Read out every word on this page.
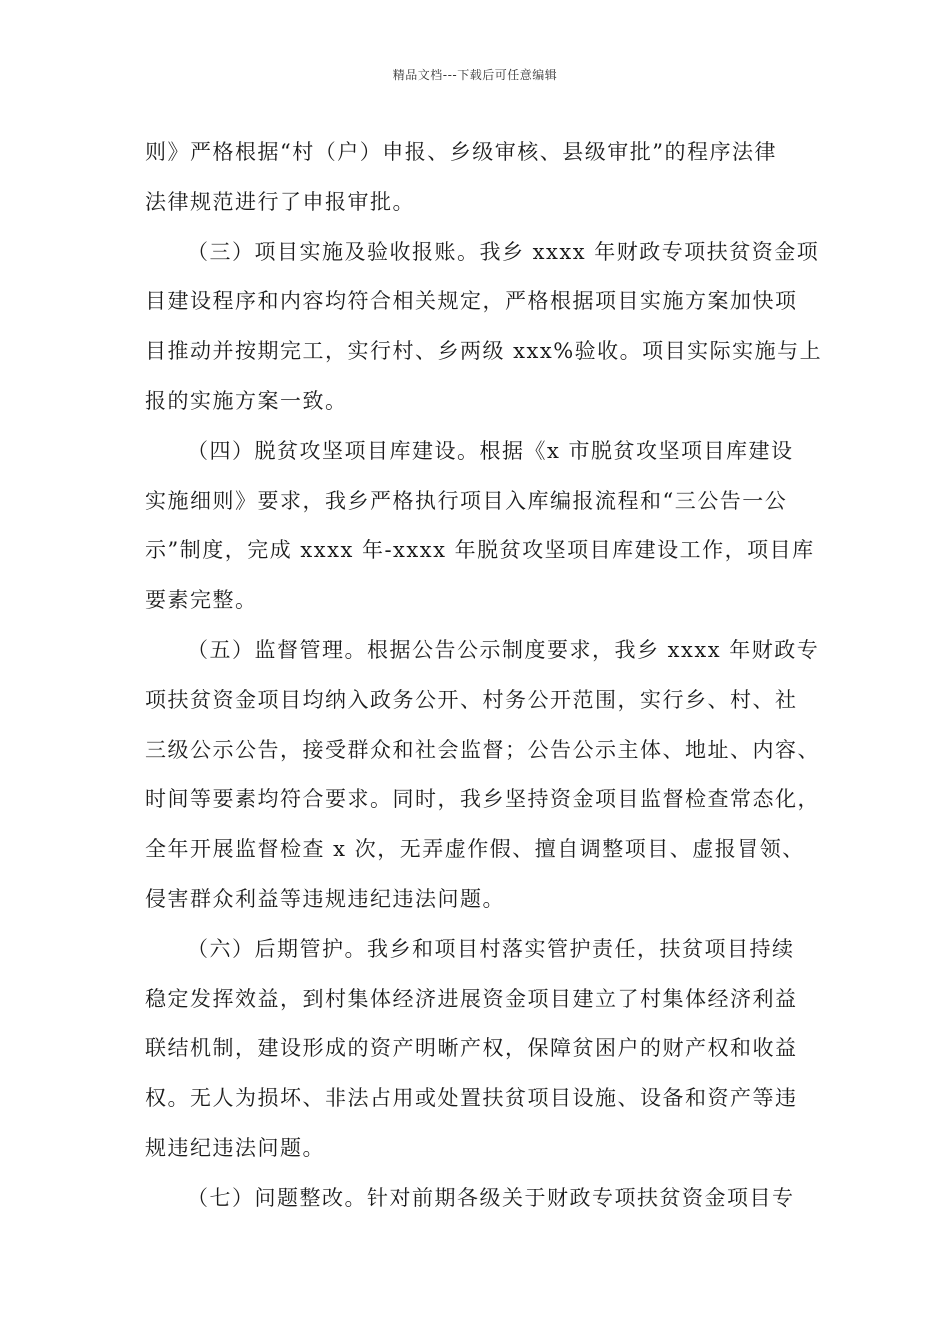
精品文档---下载后可任意编辑
则》严格根据“村（户）申报、乡级审核、县级审批”的程序法律
法律规范进行了申报审批。
（三）项目实施及验收报账。我乡 xxxx 年财政专项扶贫资金项
目建设程序和内容均符合相关规定，严格根据项目实施方案加快项
目推动并按期完工，实行村、乡两级 xxx%验收。项目实际实施与上
报的实施方案一致。
（四）脱贫攻坚项目库建设。根据《x 市脱贫攻坚项目库建设
实施细则》要求，我乡严格执行项目入库编报流程和“三公告一公
示”制度，完成 xxxx 年-xxxx 年脱贫攻坚项目库建设工作，项目库
要素完整。
（五）监督管理。根据公告公示制度要求，我乡 xxxx 年财政专
项扶贫资金项目均纳入政务公开、村务公开范围，实行乡、村、社
三级公示公告，接受群众和社会监督；公告公示主体、地址、内容、
时间等要素均符合要求。同时，我乡坚持资金项目监督检查常态化，
全年开展监督检查 x 次，无弄虚作假、擅自调整项目、虚报冒领、
侵害群众利益等违规违纪违法问题。
（六）后期管护。我乡和项目村落实管护责任，扶贫项目持续
稳定发挥效益，到村集体经济进展资金项目建立了村集体经济利益
联结机制，建设形成的资产明晰产权，保障贫困户的财产权和收益
权。无人为损坏、非法占用或处置扶贫项目设施、设备和资产等违
规违纪违法问题。
（七）问题整改。针对前期各级关于财政专项扶贫资金项目专
